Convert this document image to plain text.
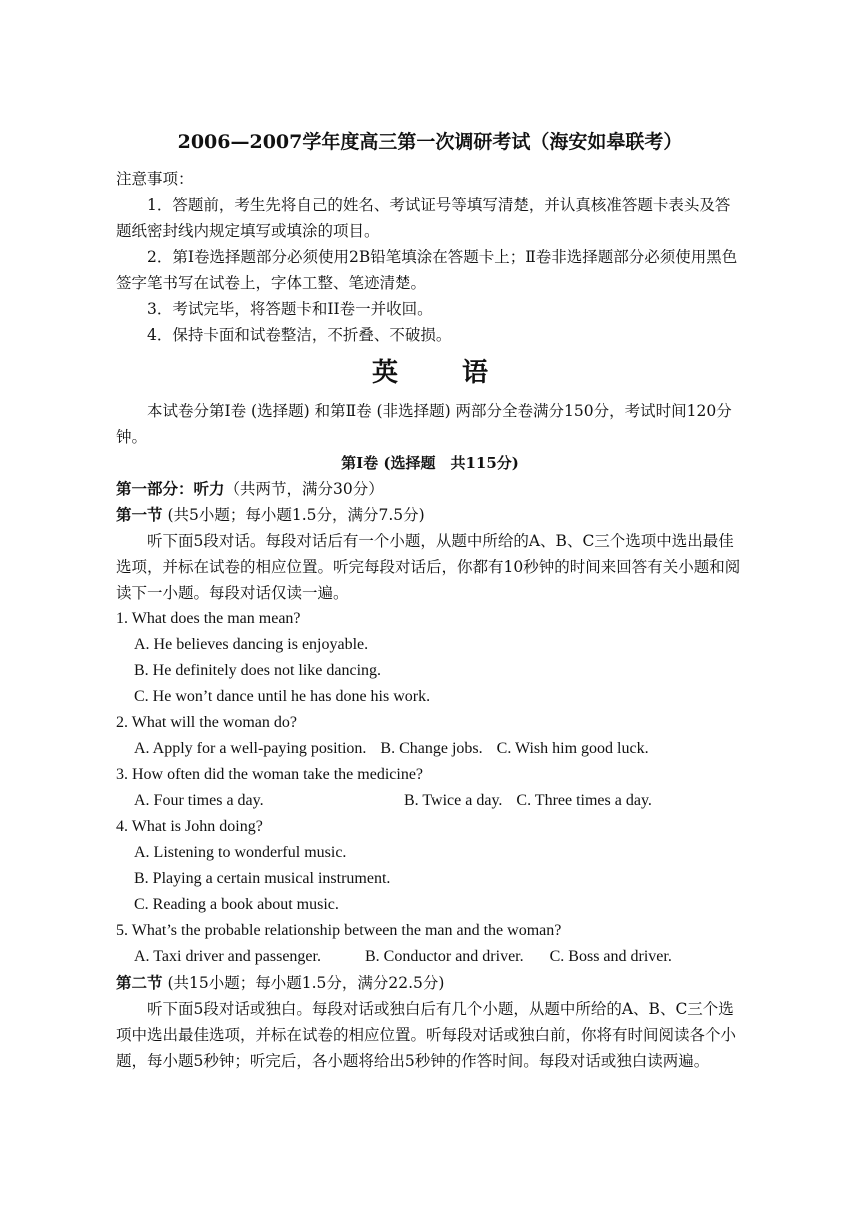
2006—2007学年度高三第一次调研考试（海安如皋联考）

注意事项：

1．答题前，考生先将自己的姓名、考试证号等填写清楚，并认真核准答题卡表头及答题纸密封线内规定填写或填涂的项目。

2．第Ⅰ卷选择题部分必须使用2B铅笔填涂在答题卡上；Ⅱ卷非选择题部分必须使用黑色签字笔书写在试卷上，字体工整、笔迹清楚。

3．考试完毕，将答题卡和II卷一并收回。

4．保持卡面和试卷整洁，不折叠、不破损。

英 语

本试卷分第Ⅰ卷 (选择题) 和第Ⅱ卷 (非选择题) 两部分全卷满分150分，考试时间120分钟。

第Ⅰ卷 (选择题　共115分)

第一部分：听力（共两节，满分30分）

第一节 (共5小题；每小题1.5分，满分7.5分)

听下面5段对话。每段对话后有一个小题，从题中所给的A、B、C三个选项中选出最佳选项，并标在试卷的相应位置。听完每段对话后，你都有10秒钟的时间来回答有关小题和阅读下一小题。每段对话仅读一遍。

1. What does the man mean?

A. He believes dancing is enjoyable.

B. He definitely does not like dancing.

C. He won’t dance until he has done his work.

2. What will the woman do?

A. Apply for a well-paying position. B. Change jobs. C. Wish him good luck.

3. How often did the woman take the medicine?

A. Four times a day.	B. Twice a day. C. Three times a day.

4. What is John doing?

A. Listening to wonderful music.

B. Playing a certain musical instrument.

C. Reading a book about music.

5. What’s the probable relationship between the man and the woman?

A. Taxi driver and passenger.	B. Conductor and driver. C. Boss and driver.

第二节 (共15小题；每小题1.5分，满分22.5分)

听下面5段对话或独白。每段对话或独白后有几个小题，从题中所给的A、B、C三个选项中选出最佳选项，并标在试卷的相应位置。听每段对话或独白前，你将有时间阅读各个小题，每小题5秒钟；听完后，各小题将给出5秒钟的作答时间。每段对话或独白读两遍。
